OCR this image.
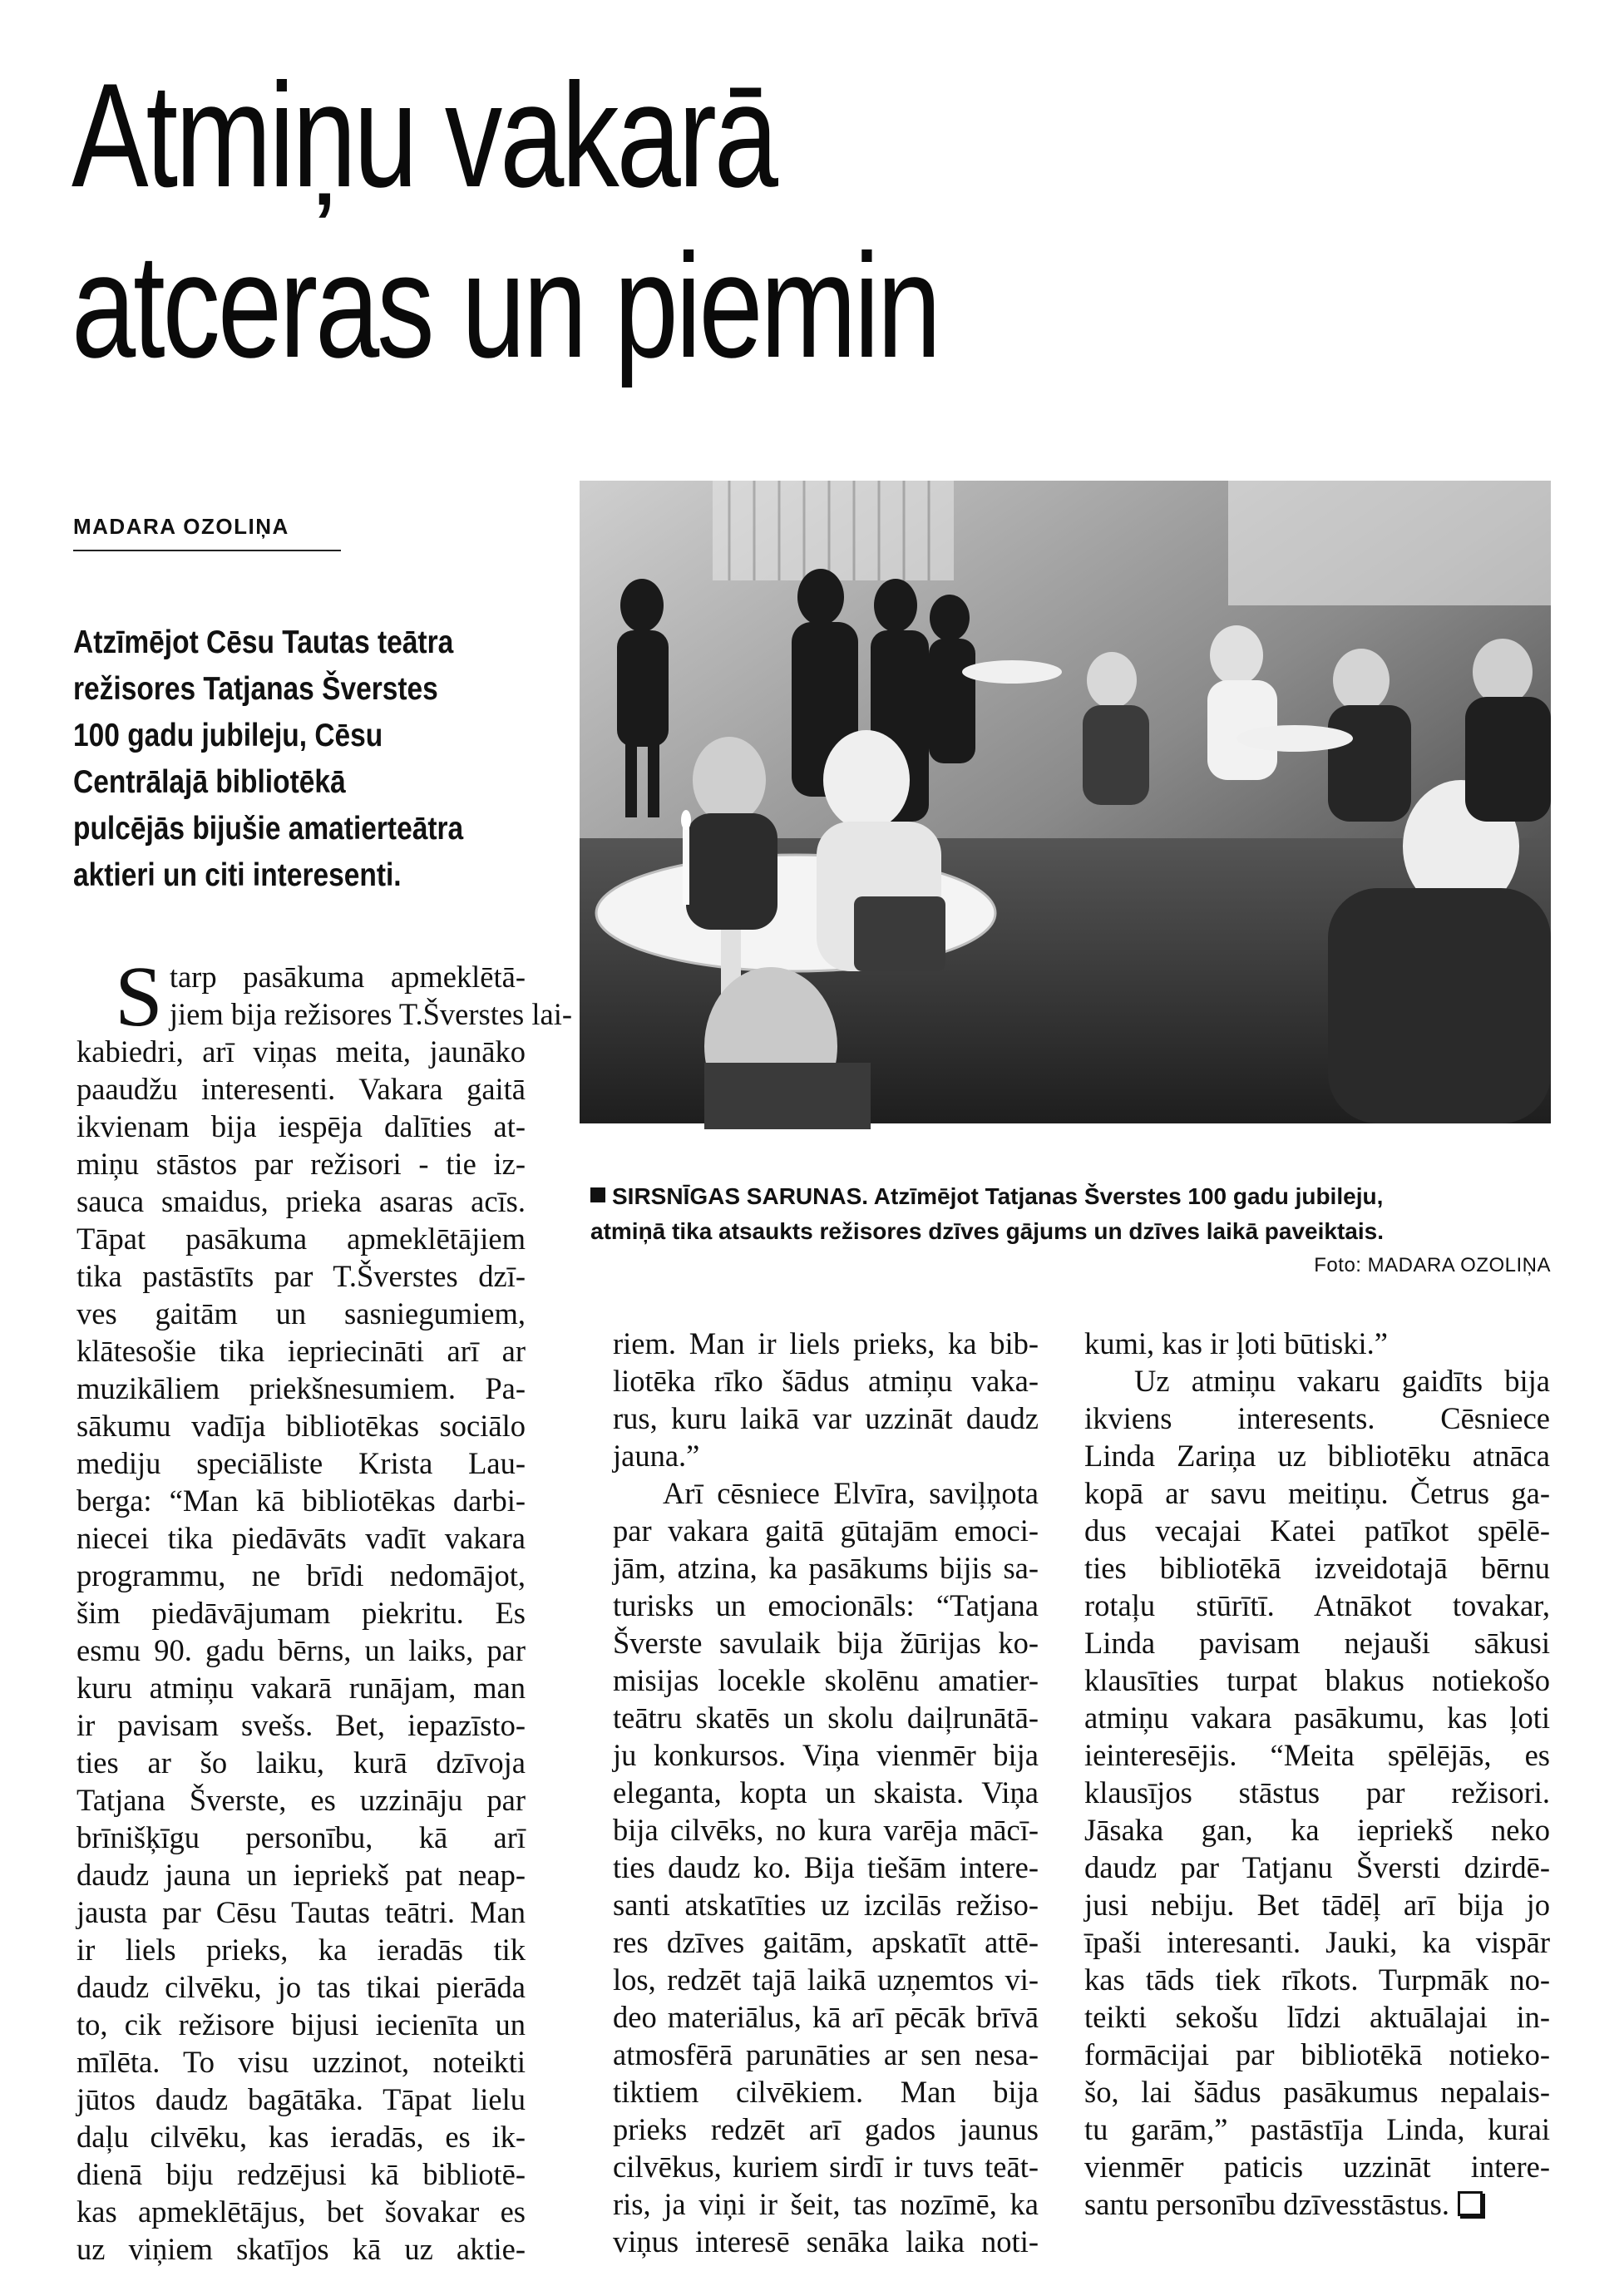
Atmiņu vakarā
atceras un piemin
MADARA OZOLIŅA
Atzīmējot Cēsu Tautas teātra
režisores Tatjanas Šverstes
100 gadu jubileju, Cēsu
Centrālajā bibliotēkā
pulcējās bijušie amatierteātra
aktieri un citi interesenti.
SIRSNĪGAS SARUNAS. Atzīmējot Tatjanas Šverstes 100 gadu jubileju,
atmiņā tika atsaukts režisores dzīves gājums un dzīves laikā paveiktais.
Foto: MADARA OZOLIŅA
S tarp pasākuma apmeklētā-
jiem bija režisores T.Šverstes lai-
kabiedri, arī viņas meita, jaunāko
paaudžu interesenti. Vakara gaitā
ikvienam bija iespēja dalīties at-
miņu stāstos par režisori - tie iz-
sauca smaidus, prieka asaras acīs.
Tāpat pasākuma apmeklētājiem
tika pastāstīts par T.Šverstes dzī-
ves gaitām un sasniegumiem,
klātesošie tika iepriecināti arī ar
muzikāliem priekšnesumiem. Pa-
sākumu vadīja bibliotēkas sociālo
mediju speciāliste Krista Lau-
berga: “Man kā bibliotēkas darbi-
niecei tika piedāvāts vadīt vakara
programmu, ne brīdi nedomājot,
šim piedāvājumam piekritu. Es
esmu 90. gadu bērns, un laiks, par
kuru atmiņu vakarā runājam, man
ir pavisam svešs. Bet, iepazīsto-
ties ar šo laiku, kurā dzīvoja
Tatjana Šverste, es uzzināju par
brīnišķīgu personību, kā arī
daudz jauna un iepriekš pat neap-
jausta par Cēsu Tautas teātri. Man
ir liels prieks, ka ieradās tik
daudz cilvēku, jo tas tikai pierāda
to, cik režisore bijusi iecienīta un
mīlēta. To visu uzzinot, noteikti
jūtos daudz bagātāka. Tāpat lielu
daļu cilvēku, kas ieradās, es ik-
dienā biju redzējusi kā bibliotē-
kas apmeklētājus, bet šovakar es
uz viņiem skatījos kā uz aktie-
riem. Man ir liels prieks, ka bib-
liotēka rīko šādus atmiņu vaka-
rus, kuru laikā var uzzināt daudz
jauna.”
Arī cēsniece Elvīra, saviļņota
par vakara gaitā gūtajām emoci-
jām, atzina, ka pasākums bijis sa-
turisks un emocionāls: “Tatjana
Šverste savulaik bija žūrijas ko-
misijas locekle skolēnu amatier-
teātru skatēs un skolu daiļrunātā-
ju konkursos. Viņa vienmēr bija
eleganta, kopta un skaista. Viņa
bija cilvēks, no kura varēja mācī-
ties daudz ko. Bija tiešām intere-
santi atskatīties uz izcilās režiso-
res dzīves gaitām, apskatīt attē-
los, redzēt tajā laikā uzņemtos vi-
deo materiālus, kā arī pēcāk brīvā
atmosfērā parunāties ar sen nesa-
tiktiem cilvēkiem. Man bija
prieks redzēt arī gados jaunus
cilvēkus, kuriem sirdī ir tuvs teāt-
ris, ja viņi ir šeit, tas nozīmē, ka
viņus interesē senāka laika noti-
kumi, kas ir ļoti būtiski.”
Uz atmiņu vakaru gaidīts bija
ikviens interesents. Cēsniece
Linda Zariņa uz bibliotēku atnāca
kopā ar savu meitiņu. Četrus ga-
dus vecajai Katei patīkot spēlē-
ties bibliotēkā izveidotajā bērnu
rotaļu stūrītī. Atnākot tovakar,
Linda pavisam nejauši sākusi
klausīties turpat blakus notiekošo
atmiņu vakara pasākumu, kas ļoti
ieinteresējis. “Meita spēlējās, es
klausījos stāstus par režisori.
Jāsaka gan, ka iepriekš neko
daudz par Tatjanu Šversti dzirdē-
jusi nebiju. Bet tādēļ arī bija jo
īpaši interesanti. Jauki, ka vispār
kas tāds tiek rīkots. Turpmāk no-
teikti sekošu līdzi aktuālajai in-
formācijai par bibliotēkā notieko-
šo, lai šādus pasākumus nepalais-
tu garām,” pastāstīja Linda, kurai
vienmēr paticis uzzināt intere-
santu personību dzīvesstāstus.
